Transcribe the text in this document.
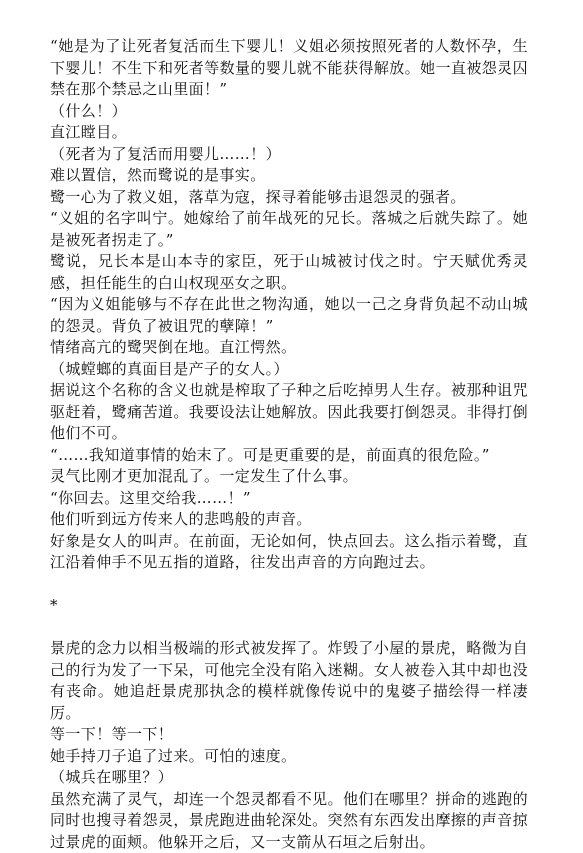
“她是为了让死者复活而生下婴儿！义姐必须按照死者的人数怀孕，生下婴儿！不生下和死者等数量的婴儿就不能获得解放。她一直被怨灵囚禁在那个禁忌之山里面！”

（什么！）

直江瞠目。

（死者为了复活而用婴儿……！）

难以置信，然而鹭说的是事实。

鹭一心为了救义姐，落草为寇，探寻着能够击退怨灵的强者。

“义姐的名字叫宁。她嫁给了前年战死的兄长。落城之后就失踪了。她是被死者拐走了。”

鹭说，兄长本是山本寺的家臣，死于山城被讨伐之时。宁天赋优秀灵感，担任能生的白山权现巫女之职。

“因为义姐能够与不存在此世之物沟通，她以一己之身背负起不动山城的怨灵。背负了被诅咒的孽障！”

情绪高亢的鹭哭倒在地。直江愕然。

（城螳螂的真面目是产子的女人。）

据说这个名称的含义也就是榨取了子种之后吃掉男人生存。被那种诅咒驱赶着，鹭痛苦道。我要设法让她解放。因此我要打倒怨灵。非得打倒他们不可。

“……我知道事情的始末了。可是更重要的是，前面真的很危险。”

灵气比刚才更加混乱了。一定发生了什么事。

“你回去。这里交给我……！”

他们听到远方传来人的悲鸣般的声音。

好象是女人的叫声。在前面，无论如何，快点回去。这么指示着鹭，直江沿着伸手不见五指的道路，往发出声音的方向跑过去。

*

景虎的念力以相当极端的形式被发挥了。炸毁了小屋的景虎，略微为自己的行为发了一下呆，可他完全没有陷入迷糊。女人被卷入其中却也没有丧命。她追赶景虎那执念的模样就像传说中的鬼婆子描绘得一样凄厉。

等一下！等一下！

她手持刀子追了过来。可怕的速度。

（城兵在哪里？）

虽然充满了灵气，却连一个怨灵都看不见。他们在哪里？拼命的逃跑的同时也搜寻着怨灵，景虎跑进曲轮深处。突然有东西发出摩擦的声音掠过景虎的面颊。他躲开之后，又一支箭从石垣之后射出。
